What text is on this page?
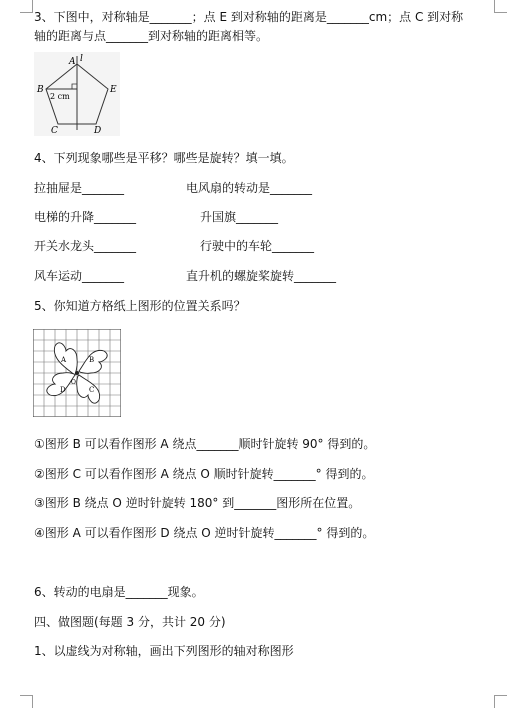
3、下图中，对称轴是_______；点 E 到对称轴的距离是_______cm；点 C 到对称
轴的距离与点_______到对称轴的距离相等。
A l
B	E
C	D
2 cm
4、下列现象哪些是平移？哪些是旋转？填一填。
拉抽屉是_______	电风扇的转动是_______
电梯的升降_______	升国旗_______
开关水龙头_______	行驶中的车轮_______
风车运动_______	直升机的螺旋桨旋转_______
5、你知道方格纸上图形的位置关系吗？
A	B
C
D
O
①图形 B 可以看作图形 A 绕点_______顺时针旋转 90° 得到的。
②图形 C 可以看作图形 A 绕点 O 顺时针旋转_______° 得到的。
③图形 B 绕点 O 逆时针旋转 180° 到_______图形所在位置。
④图形 A 可以看作图形 D 绕点 O 逆时针旋转_______° 得到的。
6、转动的电扇是_______现象。
四、做图题(每题 3 分，共计 20 分)
1、以虚线为对称轴，画出下列图形的轴对称图形
